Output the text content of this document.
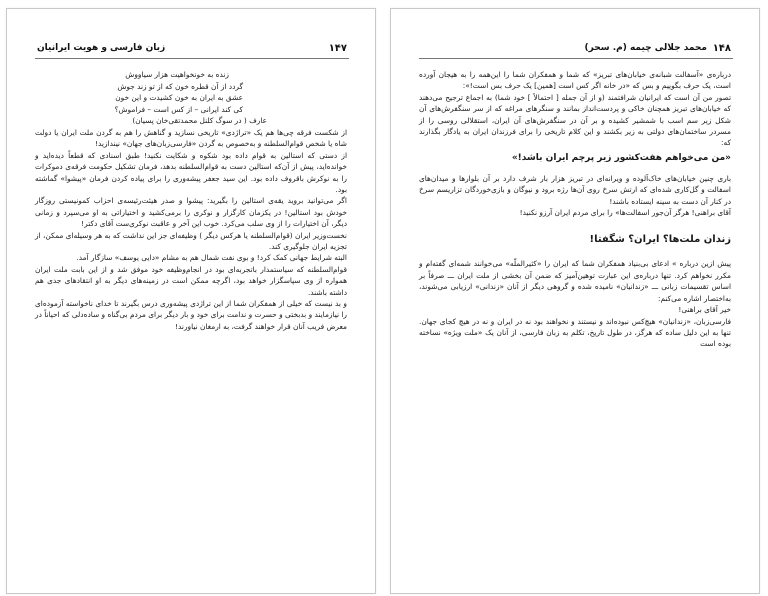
۱۴۷
زبان فارسی و هویت ایرانیان
زنده به خونخواهیت هزار سیاووش
گردد از آن قطره خون که از تو زند جوش
عشق به ایران به خون کشیدت و این خون
کی کند ایرانی – از کس است – فراموش؟
عارف ( در سوگ کلنل محمدتقی‌خان پسیان)

از شکست فرقه چی‌ها هم یک «تراژدی» تاریخی نسازید و گناهش را هم به گردن ملت ایران یا دولت شاه یا شخص قوام‌السلطنه و به‌خصوص به گردن «فارسی‌زبان‌های جهان» نیندازید!

از دستی که استالین به قوام داده بود شکوه و شکایت نکنید! طبق اسنادی که قطعاً دیده‌اید و خوانده‌اید، پیش از آن‌که استالین دست به قوام‌السلطنه بدهد، فرمان تشکیل حکومت فرقه‌ی دموکرات را به نوکرش باقروف داده بود. این سید جعفر پیشه‌وری را برای پیاده کردن فرمان «پیشوا» گماشته بود.

اگر می‌توانید بروید یقه‌ی استالین را بگیرید: پیشوا و صدر هیئت‌رئیسه‌ی احزاب کمونیستی روزگار خودش بود استالین! در یکزمان کارگزار و نوکری را برمی‌کشید و اختیاراتی به او می‌سپرد و زمانی دیگر، آن اختیارات را از وی سلب می‌کرد. خوب این آخر و عاقبت نوکری‌ست آقای دکتر!

نخست‌وزیر ایران (قوام‌السلطنه یا هرکس دیگر ) وظیفه‌ای جز این نداشت که به هر وسیله‌ای ممکن، از تجزیه ایران جلوگیری کند.

البته شرایط جهانی کمک کرد! و بوی نفت شمال هم به مشام «دایی یوسف» سازگار آمد.

قوام‌السلطنه که سیاستمدار باتجربه‌ای بود در انجام‌وظیفه خود موفق شد و از این بابت ملت ایران همواره از وی سپاسگزار خواهد بود، اگرچه ممکن است در زمینه‌های دیگر به او انتقادهای جدی هم داشته باشند.

و بد نیست که خیلی از همفکران شما از این تراژدی پیشه‌وری درس بگیرند تا خدای ناخواسته آزموده‌ای را نیازمایند و بدبختی و حسرت و ندامت برای خود و بار دیگر برای مردم بی‌گناه و ساده‌دلی که احیاناً در معرض فریب آنان قرار خواهند گرفت، به ارمغان نیاورند!

۱۴۸
محمد جلالی چیمه (م. سحر)

درباره‌ی «آسفالت شبانه‌ی خیابان‌های تبریز» که شما و همفکران شما را این‌همه را به هیجان آورده است، یک حرف بگوییم و بس که «در خانه اگر کس است [همین] یک حرف بس است!»:

تصور من آن است که ایرانیان شرافتمند (و از آن جمله [ احتمالاً ] خود شما) به اجماع ترجیح می‌دهند که خیابان‌های تبریز همچنان خاکی و پردست‌انداز بمانند و سنگرهای مراغه که از سر سنگفرش‌های آن شکل زیر سم اسب با شمشیر کشیده و بر آن در سنگفرش‌های آن ایران، استقلالی روسی را از مسردر ساختمان‌های دولتی به زیر بکشند و این کلام تاریخی را برای فرزندان ایران به یادگار بگذارند که:

«من می‌خواهم هفت‌کشور زیر پرچم ایران باشد!»

باری چنین خیابان‌های خاک‌آلوده و ویرانه‌ای در تبریز هزار بار شرف دارد بر آن بلوارها و میدان‌های اسفالت و گل‌کاری شده‌ای که ارتش سرخ روی آن‌ها رژه برود و نیوگان و بازی‌خوردگان تزاریسم سرخ در کنار آن دست به سینه ایستاده باشند!

آقای براهنی! هرگز آن‌جور اسفالت‌ها» را برای مردم ایران آرزو نکنید!

زندان ملت‌ها؟ ایران؟ شگفتا!

پیش ازین درباره » ادعای بی‌بنیاد همفکران شما که ایران را «کثیرالملّه» می‌خوانند شمه‌ای گفته‌ام و مکرر نخواهم کرد. تنها درباره‌ی این عبارت توهین‌آمیز که ضمن آن بخشی از ملت ایران ـــ صرفاً بر اساس تقسیمات زبانی ـــ «زندانیان» نامیده شده و گروهی دیگر از آنان «زندانی» ارزیابی می‌شوند، به‌اختصار اشاره می‌کنم:

خیر آقای براهنی!

فارسی‌زبان، «زندانیان» هیچ‌کس نبوده‌اند و نیستند و نخواهند بود نه در ایران و نه در هیچ کجای جهان. تنها به این دلیل ساده که هرگز، در طول تاریخ، تکلم به زبان فارسی، از آنان یک «ملت ویژه» نساخته بوده است
